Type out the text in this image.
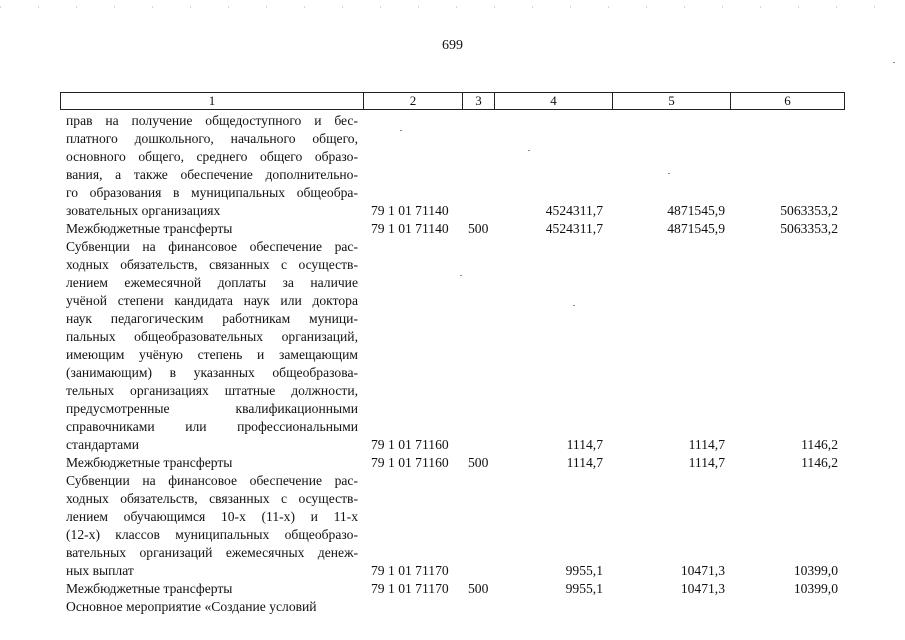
699
1	2	3	4	5	6
прав на получение общедоступного и бес-
платного дошкольного, начального общего,
основного общего, среднего общего образо-
вания, а также обеспечение дополнительно-
го образования в муниципальных общеобра-
зовательных организациях	79 1 01 71140	4524311,7	4871545,9	5063353,2
Межбюджетные трансферты	79 1 01 71140 500	4524311,7	4871545,9	5063353,2
Субвенции на финансовое обеспечение рас-
ходных обязательств, связанных с осуществ-
лением ежемесячной доплаты за наличие
учёной степени кандидата наук или доктора
наук педагогическим работникам муници-
пальных общеобразовательных организаций,
имеющим учёную степень и замещающим
(занимающим) в указанных общеобразова-
тельных организациях штатные должности,
предусмотренные квалификационными
справочниками или профессиональными
стандартами	79 1 01 71160	1114,7	1114,7	1146,2
Межбюджетные трансферты	79 1 01 71160 500	1114,7	1114,7	1146,2
Субвенции на финансовое обеспечение рас-
ходных обязательств, связанных с осуществ-
лением обучающимся 10-х (11-х) и 11-х
(12-х) классов муниципальных общеобразо-
вательных организаций ежемесячных денеж-
ных выплат	79 1 01 71170	9955,1	10471,3	10399,0
Межбюджетные трансферты	79 1 01 71170 500	9955,1	10471,3	10399,0
Основное мероприятие «Создание условий
